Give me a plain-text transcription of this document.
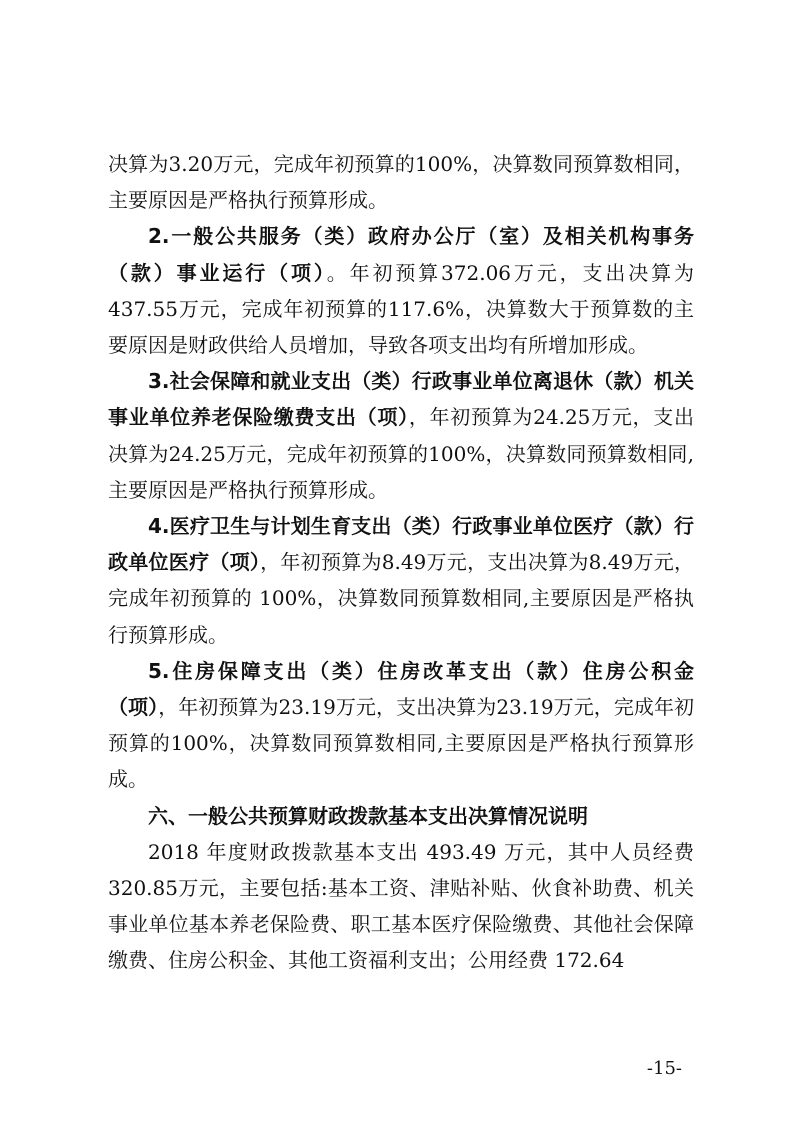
决算为3.20万元，完成年初预算的100%，决算数同预算数相同，主要原因是严格执行预算形成。

2.一般公共服务（类）政府办公厅（室）及相关机构事务（款）事业运行（项）。年初预算372.06万元，支出决算为437.55万元，完成年初预算的117.6%，决算数大于预算数的主要原因是财政供给人员增加，导致各项支出均有所增加形成。

3.社会保障和就业支出（类）行政事业单位离退休（款）机关事业单位养老保险缴费支出（项），年初预算为24.25万元，支出决算为24.25万元，完成年初预算的100%，决算数同预算数相同,主要原因是严格执行预算形成。

4.医疗卫生与计划生育支出（类）行政事业单位医疗（款）行政单位医疗（项），年初预算为8.49万元，支出决算为8.49万元，完成年初预算的 100%，决算数同预算数相同,主要原因是严格执行预算形成。

5.住房保障支出（类）住房改革支出（款）住房公积金（项），年初预算为23.19万元，支出决算为23.19万元，完成年初预算的100%，决算数同预算数相同,主要原因是严格执行预算形成。

六、一般公共预算财政拨款基本支出决算情况说明

2018 年度财政拨款基本支出 493.49 万元，其中人员经费320.85万元，主要包括:基本工资、津贴补贴、伙食补助费、机关事业单位基本养老保险费、职工基本医疗保险缴费、其他社会保障缴费、住房公积金、其他工资福利支出；公用经费 172.64

-15-
